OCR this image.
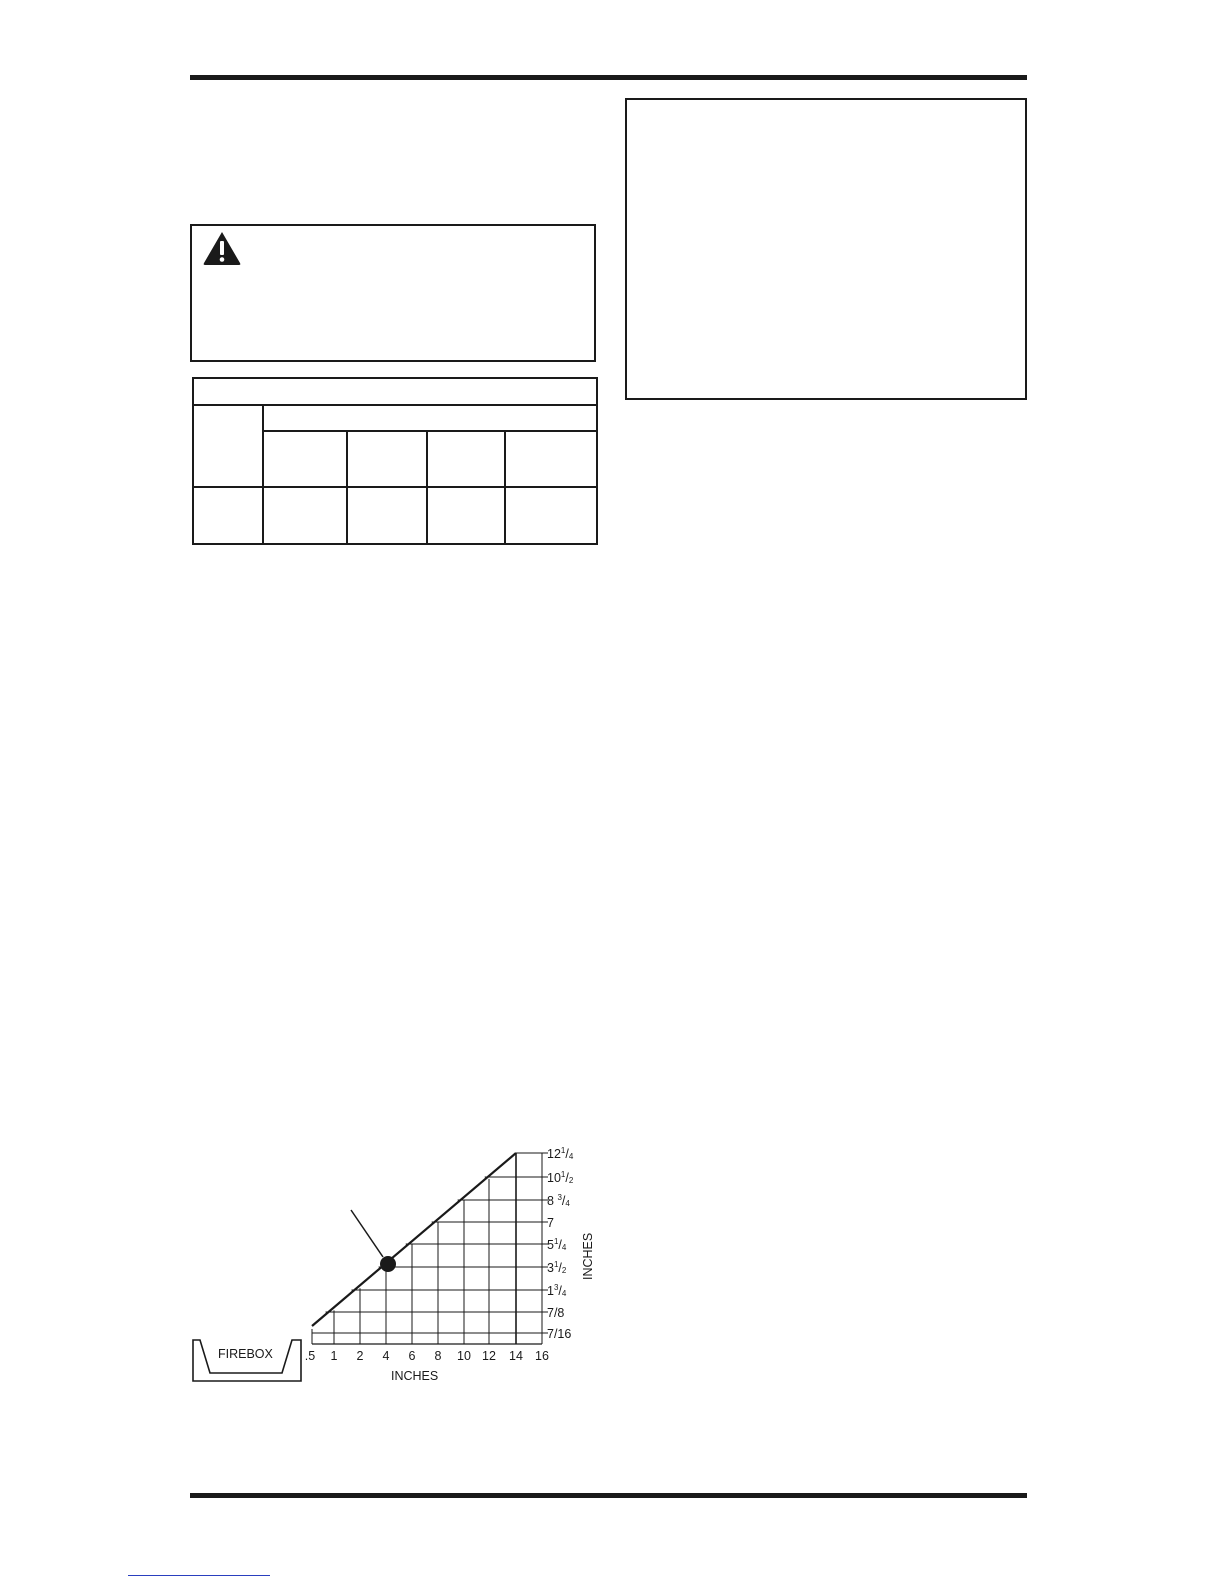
FIREBOX	.5 1 2 4 6 8 10 12 14 16
$12^1/4$
$10^1/2$
8 $^3$/4
7
$5^1/4$
$3^1/2$
$1^3/4$
7/8
7/16
INCHES
INCHES
